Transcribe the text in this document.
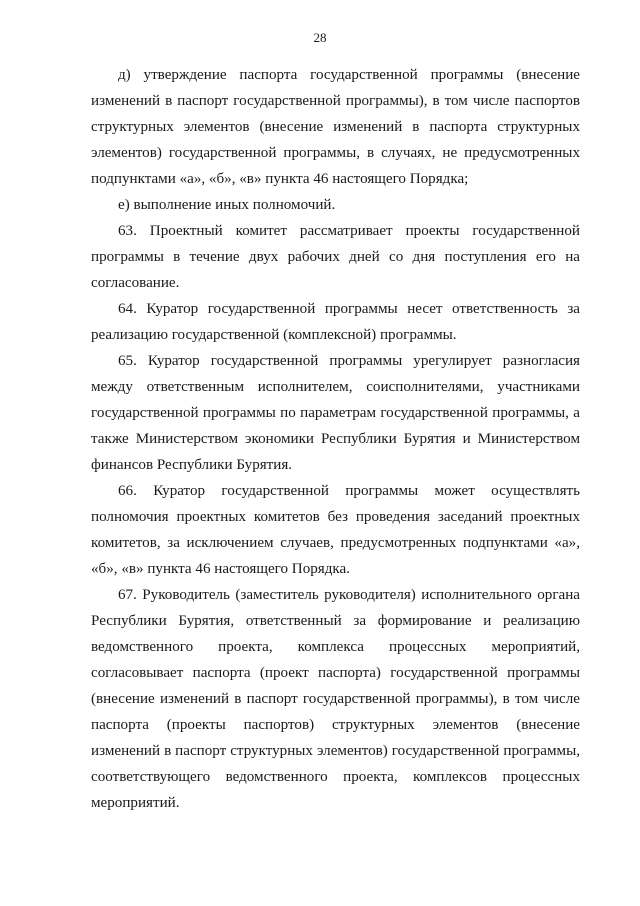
28

д) утверждение паспорта государственной программы (внесение изменений в паспорт государственной программы), в том числе паспортов структурных элементов (внесение изменений в паспорта структурных элементов) государственной программы, в случаях, не предусмотренных подпунктами «а», «б», «в» пункта 46 настоящего Порядка;

е) выполнение иных полномочий.

63. Проектный комитет рассматривает проекты государственной программы в течение двух рабочих дней со дня поступления его на согласование.

64. Куратор государственной программы несет ответственность за реализацию государственной (комплексной) программы.

65. Куратор государственной программы урегулирует разногласия между ответственным исполнителем, соисполнителями, участниками государственной программы по параметрам государственной программы, а также Министерством экономики Республики Бурятия и Министерством финансов Республики Бурятия.

66. Куратор государственной программы может осуществлять полномочия проектных комитетов без проведения заседаний проектных комитетов, за исключением случаев, предусмотренных подпунктами «а», «б», «в» пункта 46 настоящего Порядка.

67. Руководитель (заместитель руководителя) исполнительного органа Республики Бурятия, ответственный за формирование и реализацию ведомственного проекта, комплекса процессных мероприятий, согласовывает паспорта (проект паспорта) государственной программы (внесение изменений в паспорт государственной программы), в том числе паспорта (проекты паспортов) структурных элементов (внесение изменений в паспорт структурных элементов) государственной программы, соответствующего ведомственного проекта, комплексов процессных мероприятий.
